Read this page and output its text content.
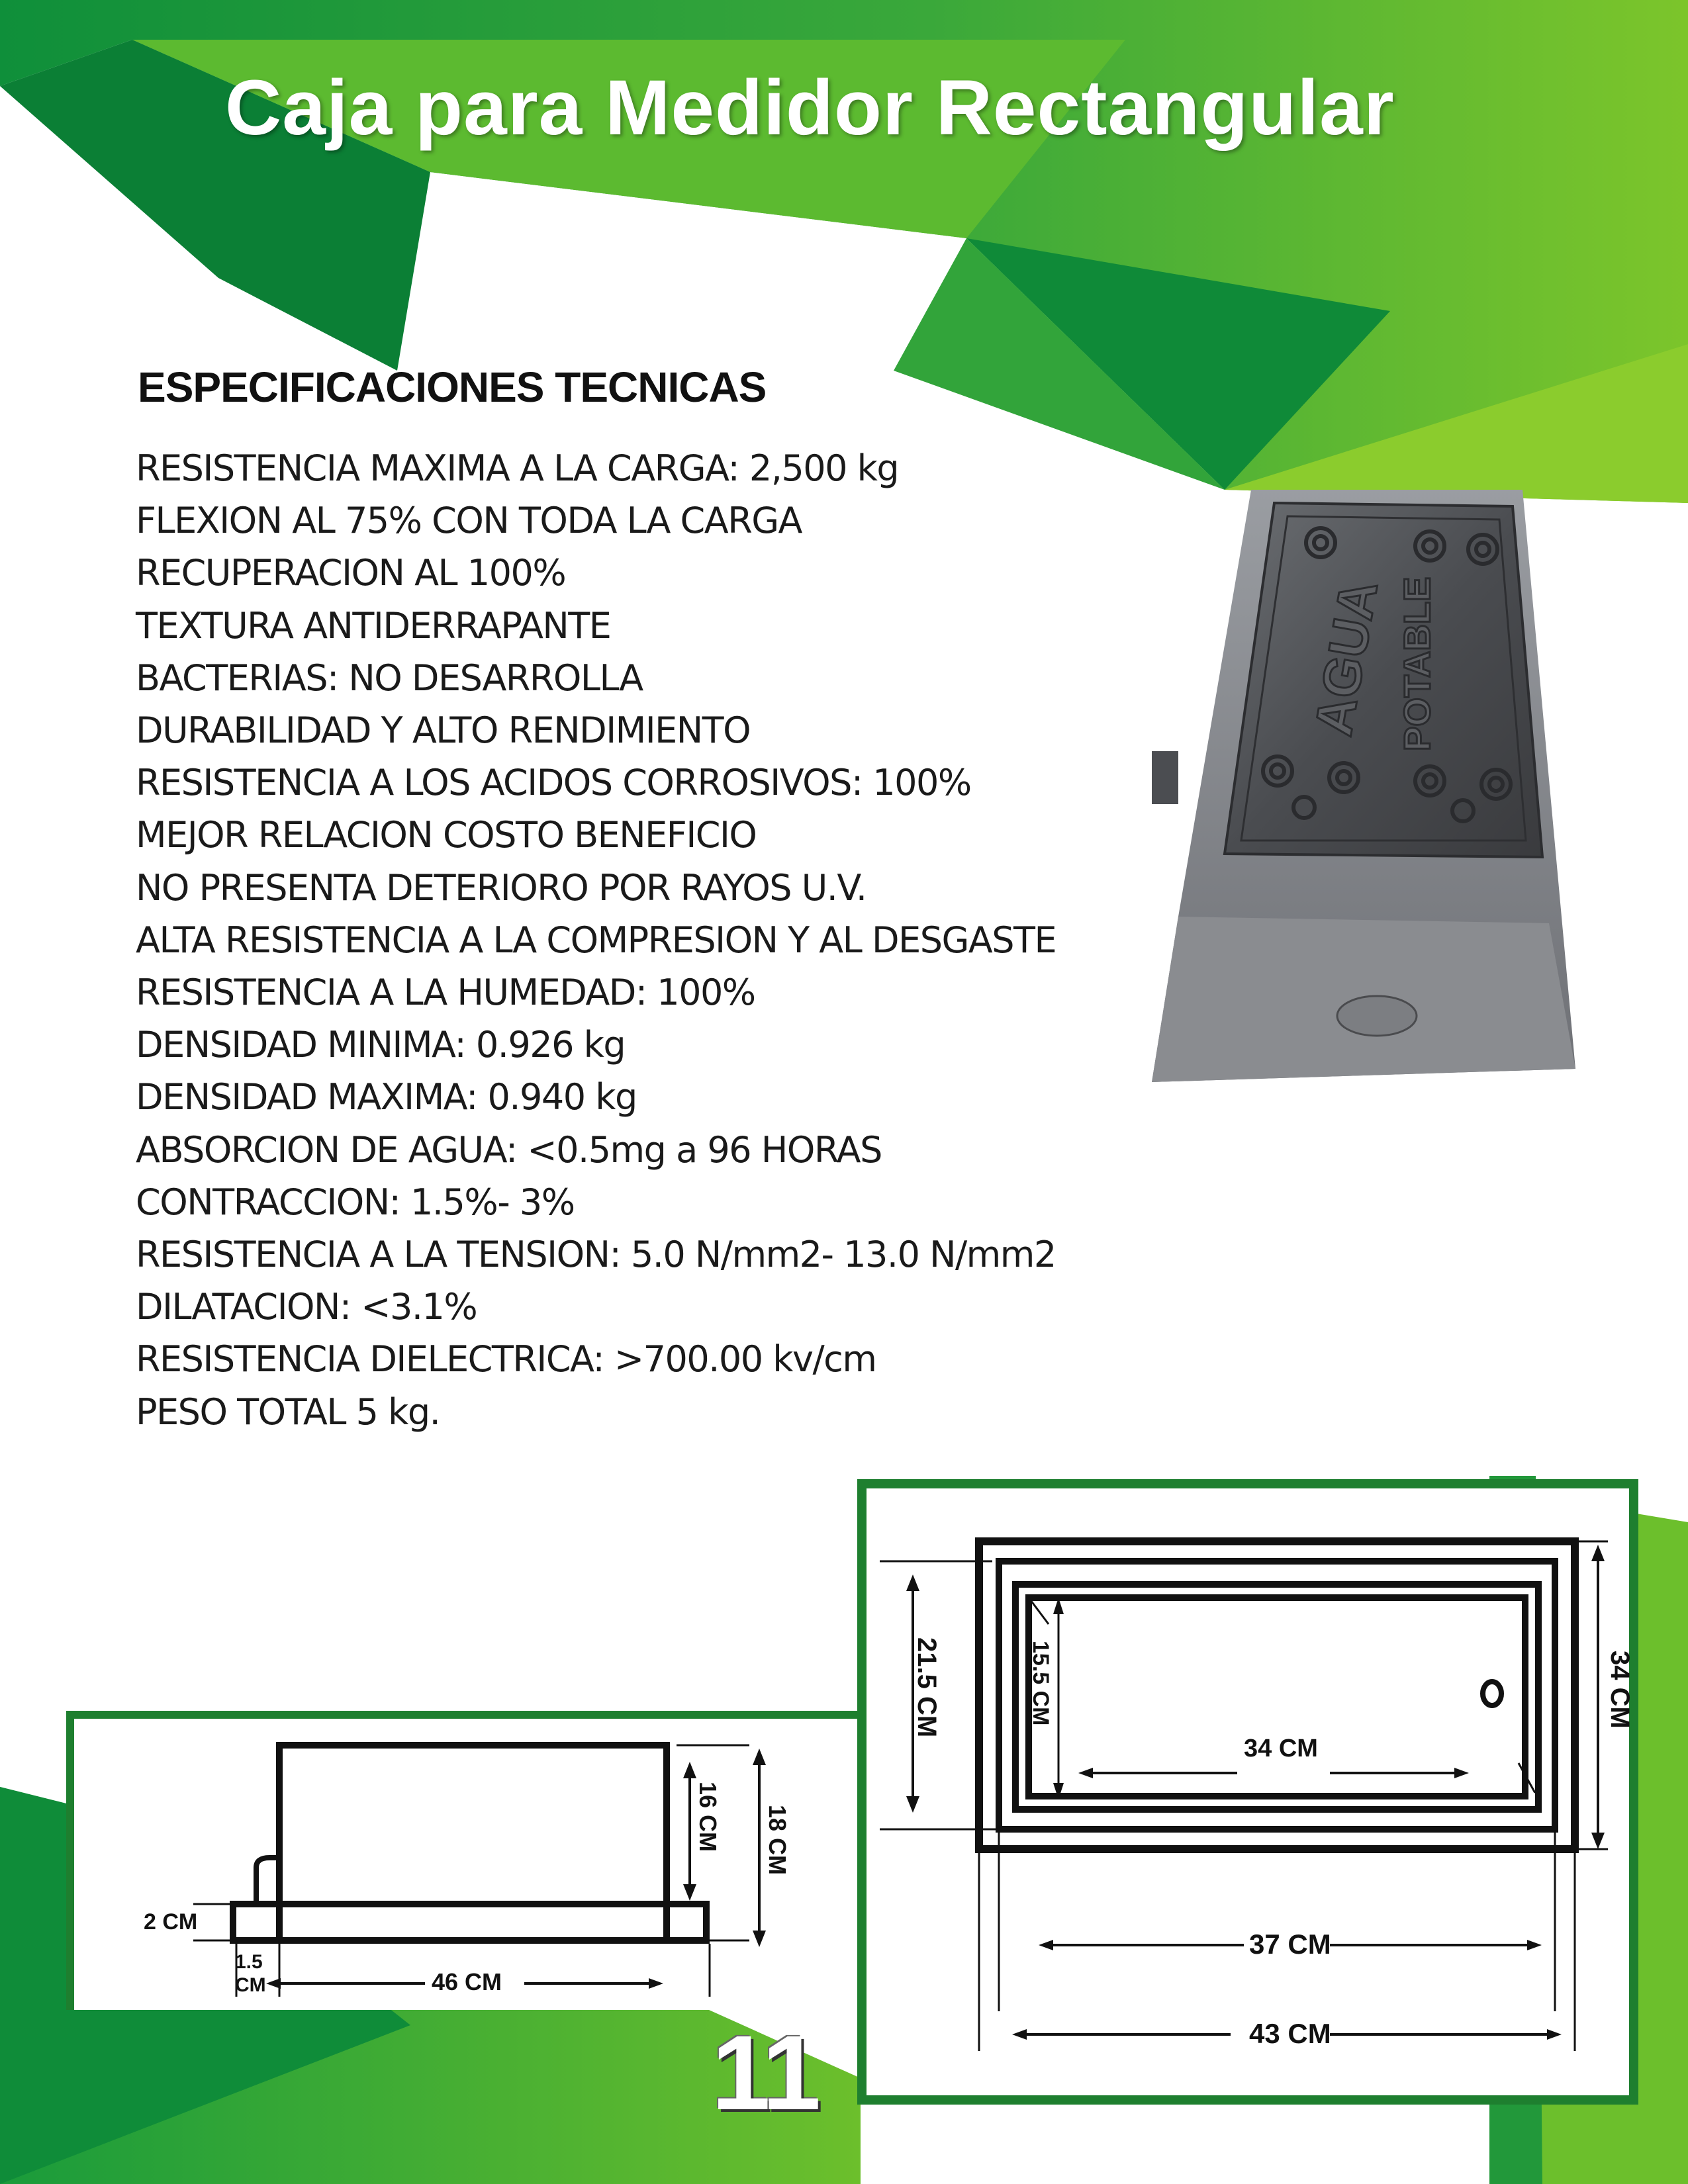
Caja para Medidor Rectangular
ESPECIFICACIONES TECNICAS
RESISTENCIA MAXIMA A LA CARGA: 2,500 kg
FLEXION AL 75% CON TODA LA CARGA
RECUPERACION AL 100%
TEXTURA ANTIDERRAPANTE
BACTERIAS: NO DESARROLLA
DURABILIDAD Y ALTO RENDIMIENTO
RESISTENCIA A LOS ACIDOS CORROSIVOS: 100%
MEJOR RELACION COSTO BENEFICIO
NO PRESENTA DETERIORO POR RAYOS U.V.
ALTA RESISTENCIA A LA COMPRESION Y AL DESGASTE
RESISTENCIA A LA HUMEDAD: 100%
DENSIDAD MINIMA: 0.926 kg
DENSIDAD MAXIMA: 0.940 kg
ABSORCION DE AGUA: <0.5mg a 96 HORAS
CONTRACCION: 1.5%- 3%
RESISTENCIA A LA TENSION: 5.0 N/mm2- 13.0 N/mm2
DILATACION: <3.1%
RESISTENCIA DIELECTRICA: >700.00 kv/cm
PESO TOTAL 5 kg.
AGUA POTABLE
2 CM
1.5
CM	46 CM
16 CM 18 CM
21.5 CM	15.5 CM
34 CM
34 CM
37 CM
43 CM
11
